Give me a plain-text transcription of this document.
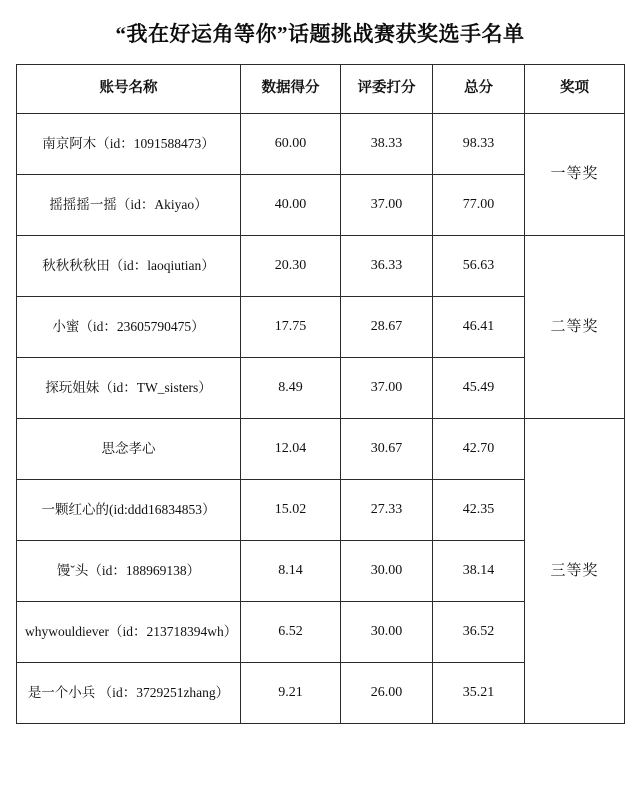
“我在好运角等你”话题挑战赛获奖选手名单
账号名称	数据得分	评委打分	总分	奖项

南京阿木（id：1091588473）	60.00	38.33	98.33	一等奖

摇摇摇一摇（id：Akiyao）	40.00	37.00	77.00	

秋秋秋秋田（id：laoqiutian）	20.30	36.33	56.63	二等奖

小蜜（id：23605790475）	17.75	28.67	46.41	

探玩姐妹（id：TW_sisters）	8.49	37.00	45.49	

思念孝心	12.04	30.67	42.70	三等奖

一颗红心的(id:ddd16834853）	15.02	27.33	42.35	

馒˘头（id：188969138）	8.14	30.00	38.14	

whywouldiever（id：213718394wh）	6.52	30.00	36.52	

是一个小兵 （id：3729251zhang）	9.21	26.00	35.21	
